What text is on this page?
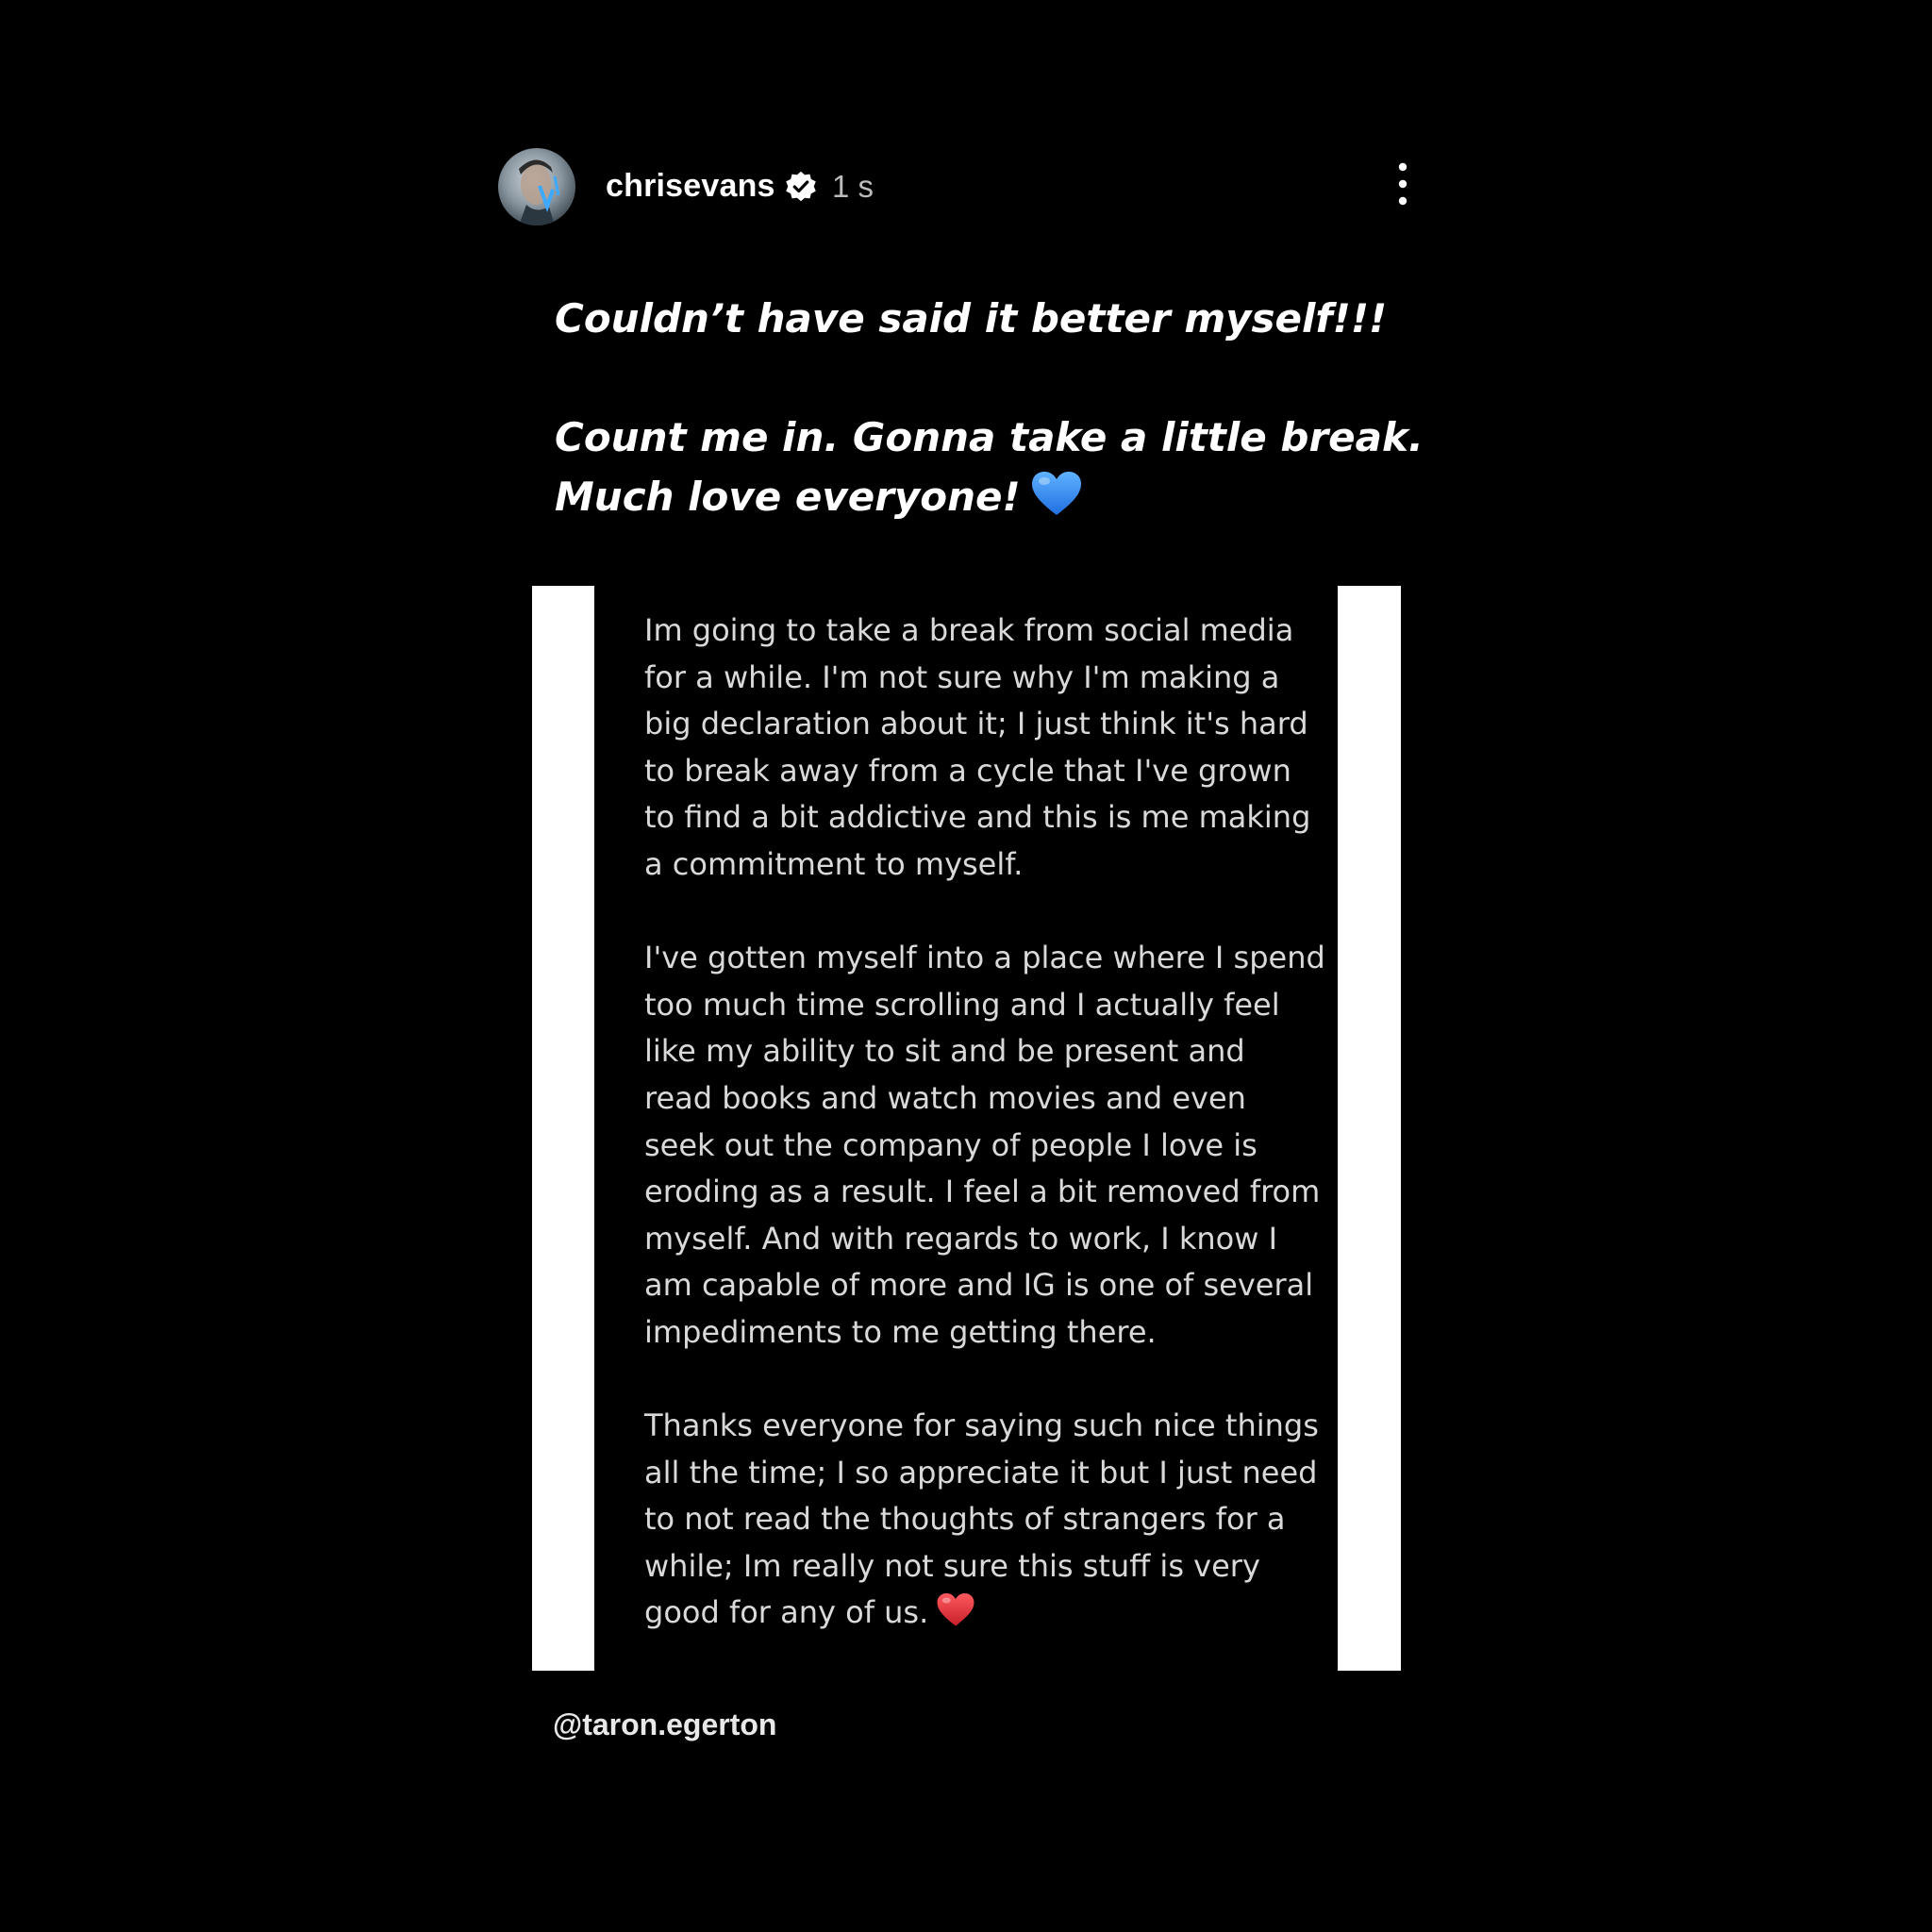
chrisevans 1 s
Couldn’t have said it better myself!!!
Count me in. Gonna take a little break.
Much love everyone!
Im going to take a break from social media
for a while. I'm not sure why I'm making a
big declaration about it; I just think it's hard
to break away from a cycle that I've grown
to find a bit addictive and this is me making
a commitment to myself.
I've gotten myself into a place where I spend
too much time scrolling and I actually feel
like my ability to sit and be present and
read books and watch movies and even
seek out the company of people I love is
eroding as a result. I feel a bit removed from
myself. And with regards to work, I know I
am capable of more and IG is one of several
impediments to me getting there.
Thanks everyone for saying such nice things
all the time; I so appreciate it but I just need
to not read the thoughts of strangers for a
while; Im really not sure this stuff is very
good for any of us.
@taron.egerton
